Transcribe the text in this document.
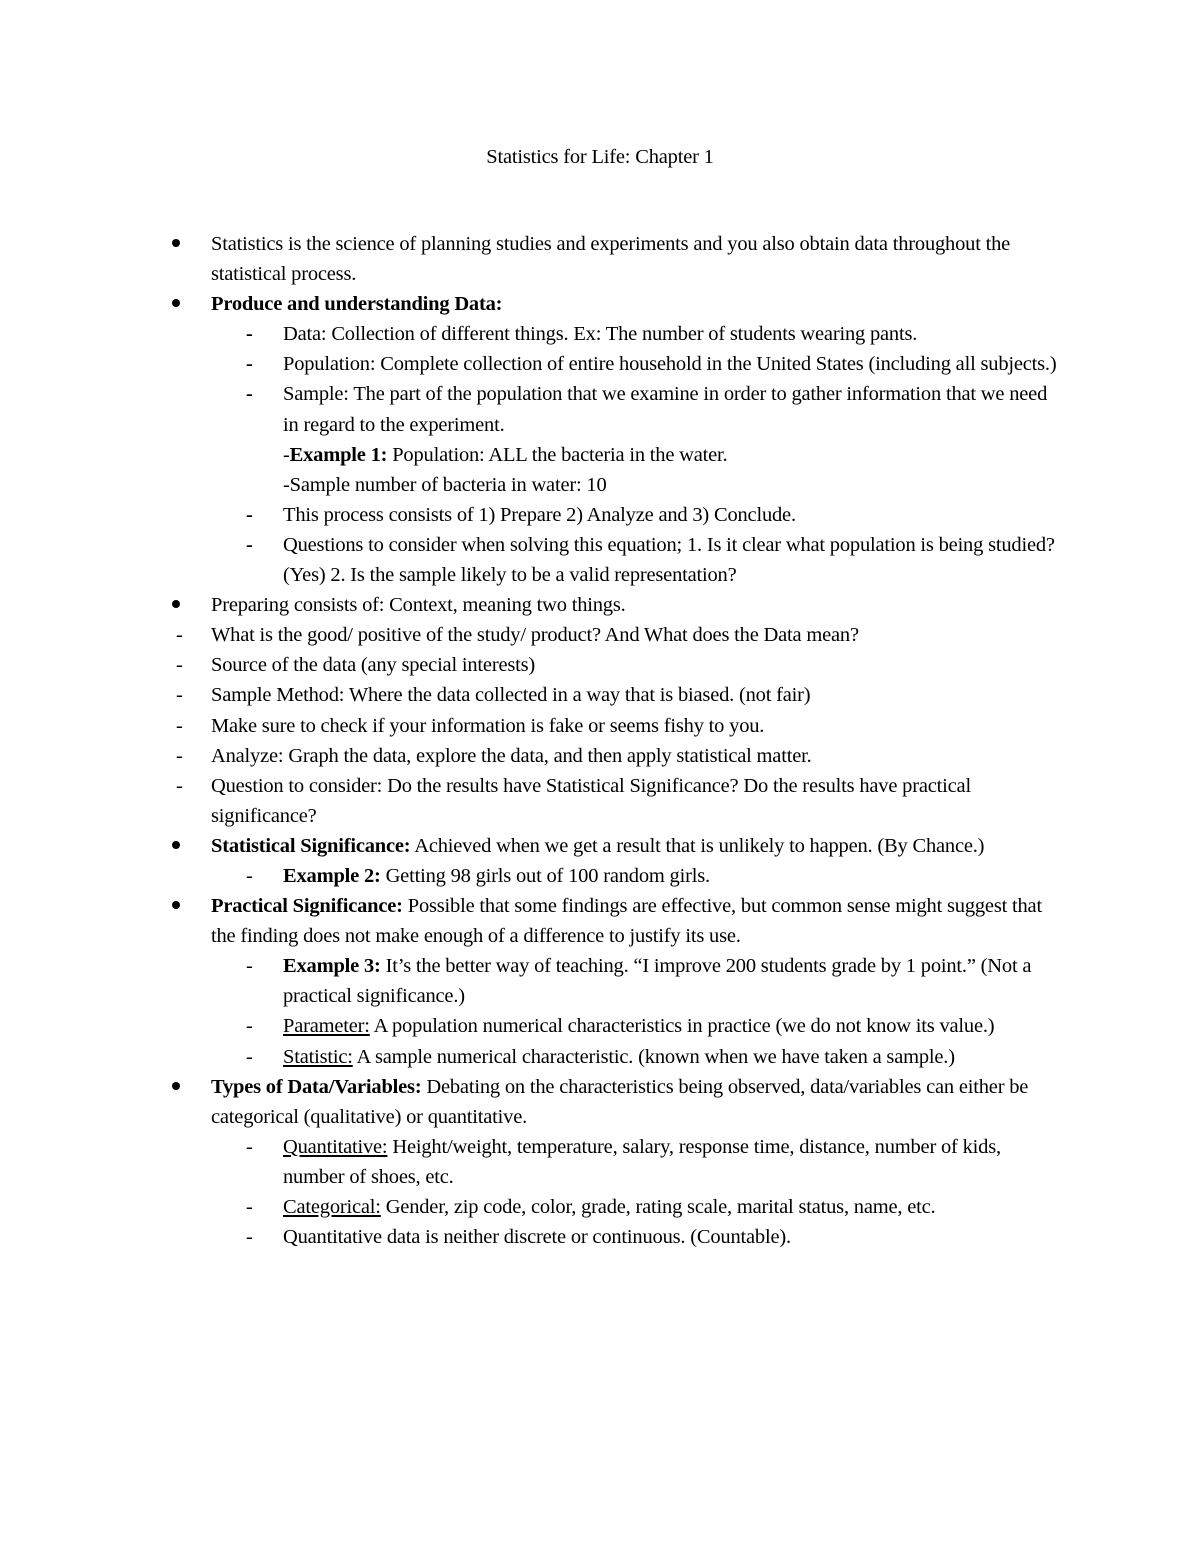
Statistics for Life: Chapter 1
Statistics is the science of planning studies and experiments and you also obtain data throughout the statistical process.
Produce and understanding Data:
- Data: Collection of different things. Ex: The number of students wearing pants.
- Population: Complete collection of entire household in the United States (including all subjects.)
- Sample: The part of the population that we examine in order to gather information that we need in regard to the experiment.
-Example 1: Population: ALL the bacteria in the water.
-Sample number of bacteria in water: 10
- This process consists of 1) Prepare 2) Analyze and 3) Conclude.
- Questions to consider when solving this equation; 1. Is it clear what population is being studied? (Yes) 2. Is the sample likely to be a valid representation?
Preparing consists of: Context, meaning two things.
- What is the good/ positive of the study/ product? And What does the Data mean?
- Source of the data (any special interests)
- Sample Method: Where the data collected in a way that is biased. (not fair)
- Make sure to check if your information is fake or seems fishy to you.
- Analyze: Graph the data, explore the data, and then apply statistical matter.
- Question to consider: Do the results have Statistical Significance? Do the results have practical significance?
Statistical Significance: Achieved when we get a result that is unlikely to happen. (By Chance.)
- Example 2: Getting 98 girls out of 100 random girls.
Practical Significance: Possible that some findings are effective, but common sense might suggest that the finding does not make enough of a difference to justify its use.
- Example 3: It’s the better way of teaching. “I improve 200 students grade by 1 point.” (Not a practical significance.)
- Parameter: A population numerical characteristics in practice (we do not know its value.)
- Statistic: A sample numerical characteristic. (known when we have taken a sample.)
Types of Data/Variables: Debating on the characteristics being observed, data/variables can either be categorical (qualitative) or quantitative.
- Quantitative: Height/weight, temperature, salary, response time, distance, number of kids, number of shoes, etc.
- Categorical: Gender, zip code, color, grade, rating scale, marital status, name, etc.
- Quantitative data is neither discrete or continuous. (Countable).
